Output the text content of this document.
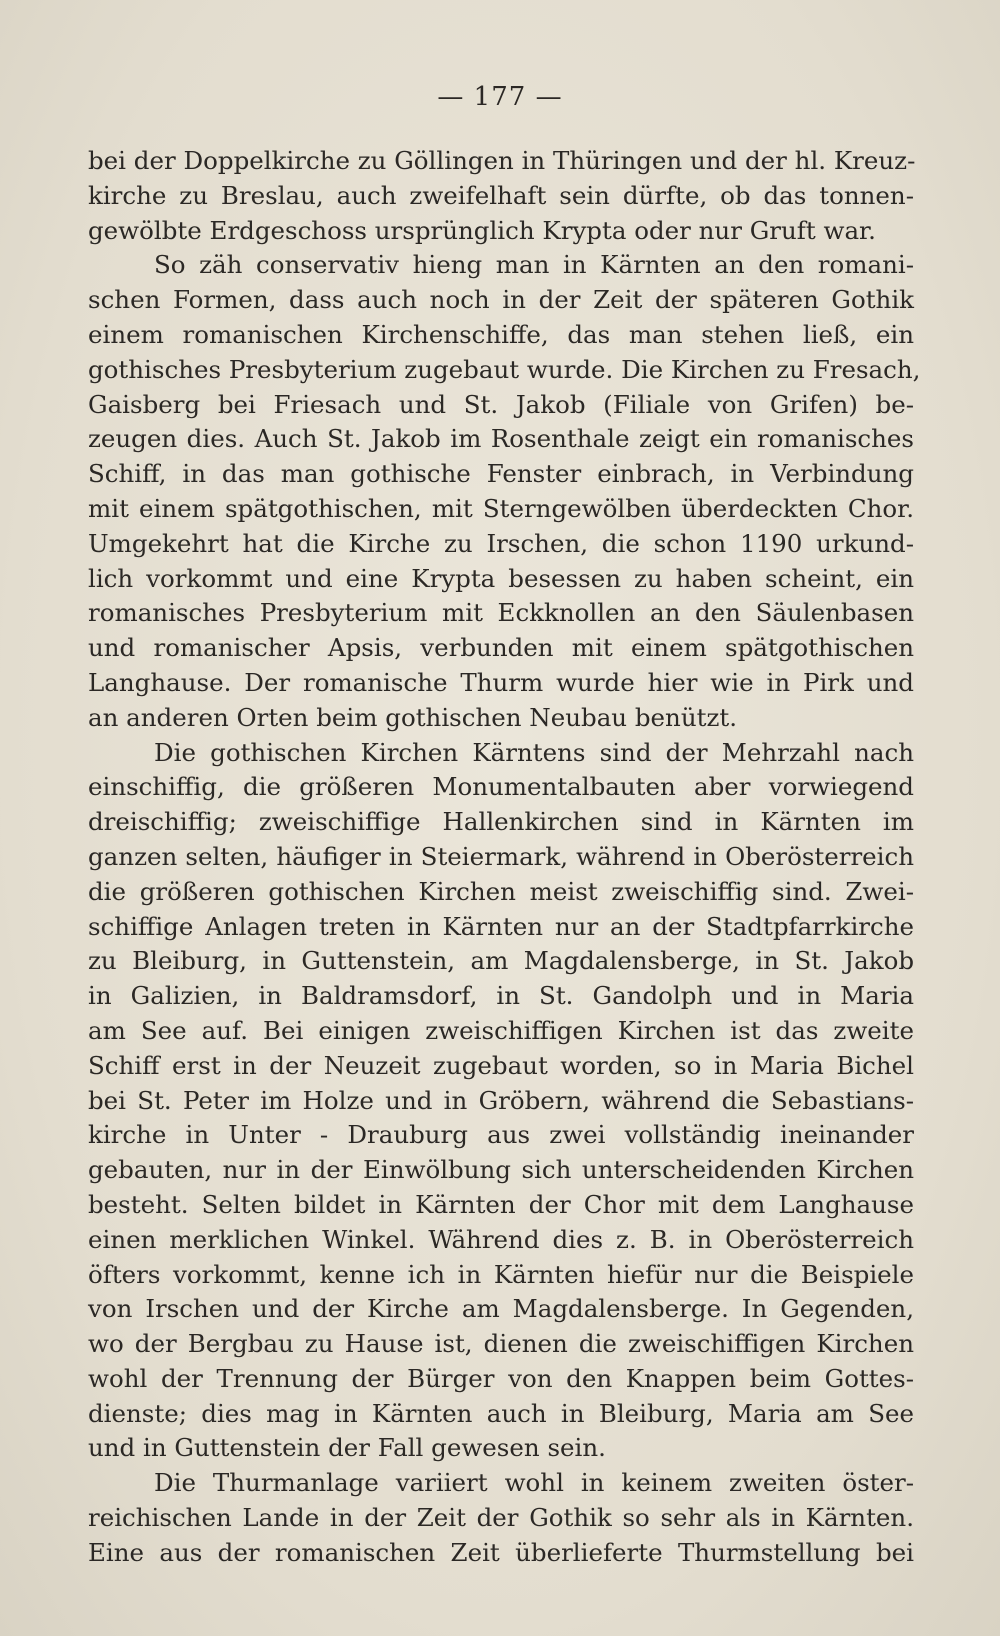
— 177 —
bei der Doppelkirche zu Göllingen in Thüringen und der hl. Kreuz-
kirche zu Breslau, auch zweifelhaft sein dürfte, ob das tonnen-
gewölbte Erdgeschoss ursprünglich Krypta oder nur Gruft war.
So zäh conservativ hieng man in Kärnten an den romani-
schen Formen, dass auch noch in der Zeit der späteren Gothik
einem romanischen Kirchenschiffe, das man stehen ließ, ein
gothisches Presbyterium zugebaut wurde. Die Kirchen zu Fresach,
Gaisberg bei Friesach und St. Jakob (Filiale von Grifen) be-
zeugen dies. Auch St. Jakob im Rosenthale zeigt ein romanisches
Schiff, in das man gothische Fenster einbrach, in Verbindung
mit einem spätgothischen, mit Sterngewölben überdeckten Chor.
Umgekehrt hat die Kirche zu Irschen, die schon 1190 urkund-
lich vorkommt und eine Krypta besessen zu haben scheint, ein
romanisches Presbyterium mit Eckknollen an den Säulenbasen
und romanischer Apsis, verbunden mit einem spätgothischen
Langhause. Der romanische Thurm wurde hier wie in Pirk und
an anderen Orten beim gothischen Neubau benützt.
Die gothischen Kirchen Kärntens sind der Mehrzahl nach
einschiffig, die größeren Monumentalbauten aber vorwiegend
dreischiffig; zweischiffige Hallenkirchen sind in Kärnten im
ganzen selten, häufiger in Steiermark, während in Oberösterreich
die größeren gothischen Kirchen meist zweischiffig sind. Zwei-
schiffige Anlagen treten in Kärnten nur an der Stadtpfarrkirche
zu Bleiburg, in Guttenstein, am Magdalensberge, in St. Jakob
in Galizien, in Baldramsdorf, in St. Gandolph und in Maria
am See auf. Bei einigen zweischiffigen Kirchen ist das zweite
Schiff erst in der Neuzeit zugebaut worden, so in Maria Bichel
bei St. Peter im Holze und in Gröbern, während die Sebastians-
kirche in Unter - Drauburg aus zwei vollständig ineinander
gebauten, nur in der Einwölbung sich unterscheidenden Kirchen
besteht. Selten bildet in Kärnten der Chor mit dem Langhause
einen merklichen Winkel. Während dies z. B. in Oberösterreich
öfters vorkommt, kenne ich in Kärnten hiefür nur die Beispiele
von Irschen und der Kirche am Magdalensberge. In Gegenden,
wo der Bergbau zu Hause ist, dienen die zweischiffigen Kirchen
wohl der Trennung der Bürger von den Knappen beim Gottes-
dienste; dies mag in Kärnten auch in Bleiburg, Maria am See
und in Guttenstein der Fall gewesen sein.
Die Thurmanlage variiert wohl in keinem zweiten öster-
reichischen Lande in der Zeit der Gothik so sehr als in Kärnten.
Eine aus der romanischen Zeit überlieferte Thurmstellung bei
